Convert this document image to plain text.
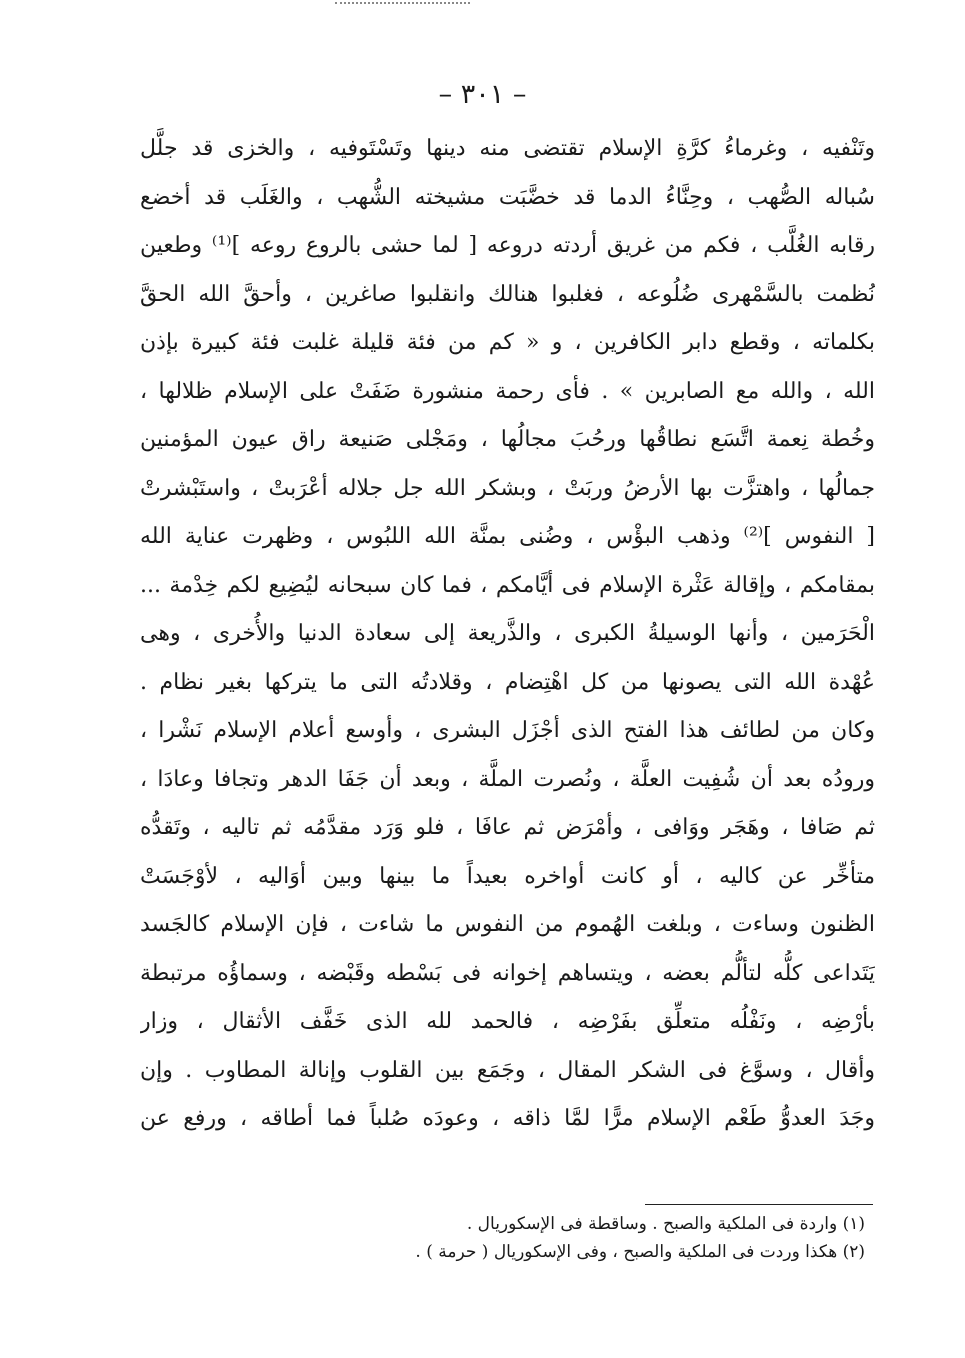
– ٣٠١ –
وتَنْفيه ، وغرماءُ كرَّةِ الإسلام تقتضى منه دينها وتَسْتَوفيه ، والخزى قد جلَّل
سُباله الصُّهب ، وحِنَّاءُ الدما قد خضَّبَت مشيخته الشُّهب ، والغَلَب قد أخضع
رقابه الغُلَّب ، فكم من غريق أردته دروعه [ لما حشى بالروع روعه ]⁽¹⁾ وطعين
نُظمت بالسَّمْهرى ضُلُوعه ، فغلبوا هنالك وانقلبوا صاغرين ، وأحقَّ الله الحقَّ
بكلماته ، وقطع دابر الكافرين ، و « كم من فئة قليلة غلبت فئة كبيرة بإذن
الله ، والله مع الصابرين » . فأى رحمة منشورة ضَفَتْ على الإسلام ظلالها ،
وخُطة نِعمة اتَّسَع نطاقُها ورحُبَ مجالُها ، ومَجْلى صَنيعة راق عيون المؤمنين
جمالُها ، واهتزَّت بها الأرضُ وربَتْ ، وبشكر الله جل جلاله أعْرَبتْ ، واستَبْشرتْ
[ النفوس ]⁽²⁾ وذهب البؤْس ، وضُنى بمنَّة الله اللبُوس ، وظهرت عناية الله
بمقامكم ، وإقالة عَثْرة الإسلام فى أيَّامكم ، فما كان سبحانه ليُضِيع لكم خِدْمة ...
الْحَرَمين ، وأنها الوسيلةُ الكبرى ، والذَّريعة إلى سعادة الدنيا والأُخرى ، وهى
عُهْدة الله التى يصونها من كل اهْتِضام ، وقلادتُه التى ما يتركها بغير نظام .
وكان من لطائف هذا الفتح الذى أجْزَل البشرى ، وأوسع أعلام الإسلام نَشْرا ،
ورودُه بعد أن شُفِيت العلَّة ، ونُصرت الملَّة ، وبعد أن جَفَا الدهر وتجافا وعادَا ،
ثم صَافا ، وهَجَر ووَافى ، وأمْرَض ثم عافَا ، فلو وَرَد مقدَّمُه ثم تاليه ، وتَقدُّه
متأخِّر عن كاليه ، أو كانت أواخره بعيداً ما بينها وبين أوَاليه ، لأوْجَسَتْ
الظنون وساءت ، وبلغت الهُموم من النفوس ما شاءت ، فإن الإسلام كالجَسد
يَتَداعى كلُّه لتألُّم بعضه ، ويتساهم إخوانه فى بَسْطه وقَبْضه ، وسماؤُه مرتبطة
بأرْضِه ، ونَفْلُه متعلِّق بفَرْضِه ، فالحمد لله الذى خَفَّف الأثقال ، وزار
وأقال ، وسوَّغ فى الشكر المقال ، وجَمَع بين القلوب وإنالة المطاوب . وإن
وجَدَ العدوُّ طَعْم الإسلام مرًّا لمَّا ذاقه ، وعودَه صُلباً فما أطاقه ، ورفع عن
(١) واردة فى الملكية والصبح . وساقطة فى الإسكوريال .
(٢) هكذا وردت فى الملكية والصبح ، وفى الإسكوريال ( حرمة ) .
